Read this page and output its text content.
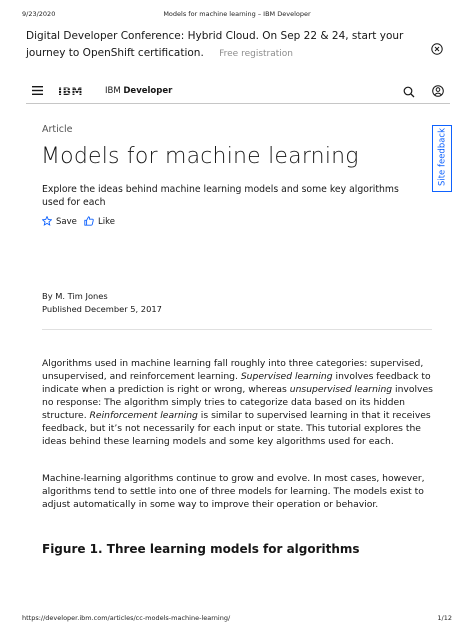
9/23/2020	Models for machine learning – IBM Developer
Digital Developer Conference: Hybrid Cloud. On Sep 22 & 24, start your journey to OpenShift certification. Free registration
IBM	IBM Developer
Article
Models for machine learning

Explore the ideas behind machine learning models and some key algorithms used for each

Save Like
Site feedback
By M. Tim Jones
Published December 5, 2017

Algorithms used in machine learning fall roughly into three categories: supervised, unsupervised, and reinforcement learning. Supervised learning involves feedback to indicate when a prediction is right or wrong, whereas unsupervised learning involves no response: The algorithm simply tries to categorize data based on its hidden structure. Reinforcement learning is similar to supervised learning in that it receives feedback, but it’s not necessarily for each input or state. This tutorial explores the ideas behind these learning models and some key algorithms used for each.

Machine-learning algorithms continue to grow and evolve. In most cases, however, algorithms tend to settle into one of three models for learning. The models exist to adjust automatically in some way to improve their operation or behavior.

Figure 1. Three learning models for algorithms
https://developer.ibm.com/articles/cc-models-machine-learning/	1/12
